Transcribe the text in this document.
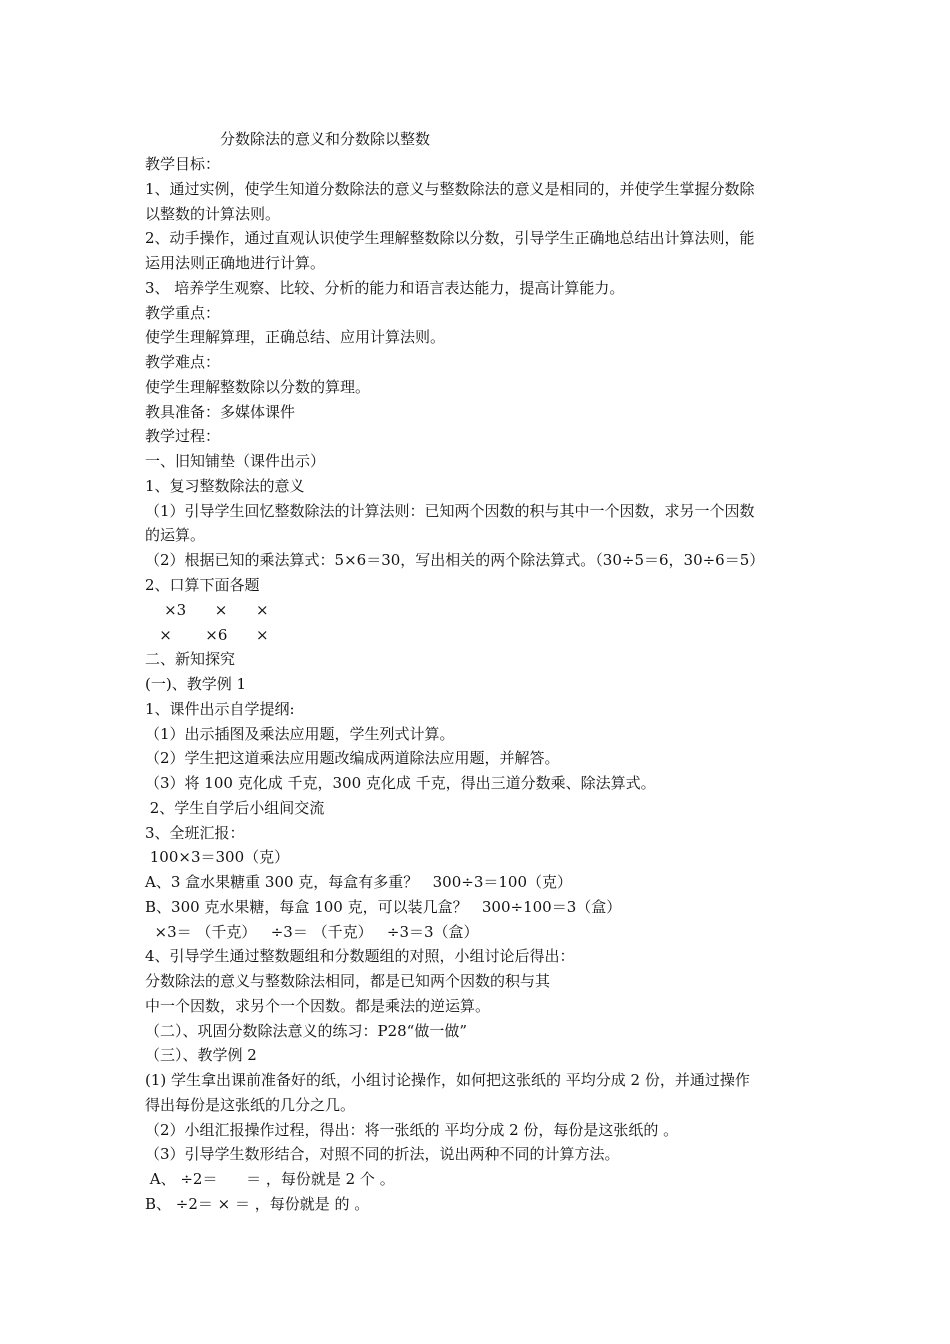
分数除法的意义和分数除以整数
教学目标：
1、通过实例，使学生知道分数除法的意义与整数除法的意义是相同的，并使学生掌握分数除
以整数的计算法则。
2、动手操作，通过直观认识使学生理解整数除以分数，引导学生正确地总结出计算法则，能
运用法则正确地进行计算。
3、 培养学生观察、比较、分析的能力和语言表达能力，提高计算能力。
教学重点：
使学生理解算理，正确总结、应用计算法则。
教学难点：
使学生理解整数除以分数的算理。
教具准备：多媒体课件
教学过程：
一、旧知铺垫（课件出示）
1、复习整数除法的意义
（1）引导学生回忆整数除法的计算法则：已知两个因数的积与其中一个因数，求另一个因数
的运算。
（2）根据已知的乘法算式：5×6＝30，写出相关的两个除法算式。（30÷5＝6，30÷6＝5）
2、口算下面各题
×3      ×      ×
×       ×6      ×
二、新知探究
(一)、教学例 1
1、课件出示自学提纲:
（1）出示插图及乘法应用题，学生列式计算。
（2）学生把这道乘法应用题改编成两道除法应用题，并解答。
（3）将 100 克化成 千克，300 克化成 千克，得出三道分数乘、除法算式。
2、学生自学后小组间交流
3、全班汇报：
100×3＝300（克）
A、3 盒水果糖重 300 克，每盒有多重？   300÷3＝100（克）
B、300 克水果糖，每盒 100 克，可以装几盒？   300÷100＝3（盒）
×3＝ （千克）   ÷3＝ （千克）   ÷3＝3（盒）
4、引导学生通过整数题组和分数题组的对照，小组讨论后得出：
分数除法的意义与整数除法相同，都是已知两个因数的积与其
中一个因数，求另个一个因数。都是乘法的逆运算。
（二）、巩固分数除法意义的练习：P28“做一做”
（三）、教学例 2
(1) 学生拿出课前准备好的纸，小组讨论操作，如何把这张纸的 平均分成 2 份，并通过操作
得出每份是这张纸的几分之几。
（2）小组汇报操作过程，得出：将一张纸的 平均分成 2 份，每份是这张纸的 。
（3）引导学生数形结合，对照不同的折法，说出两种不同的计算方法。
A、 ÷2＝      ＝ ，每份就是 2 个 。
B、 ÷2＝ × ＝ ，每份就是 的 。
